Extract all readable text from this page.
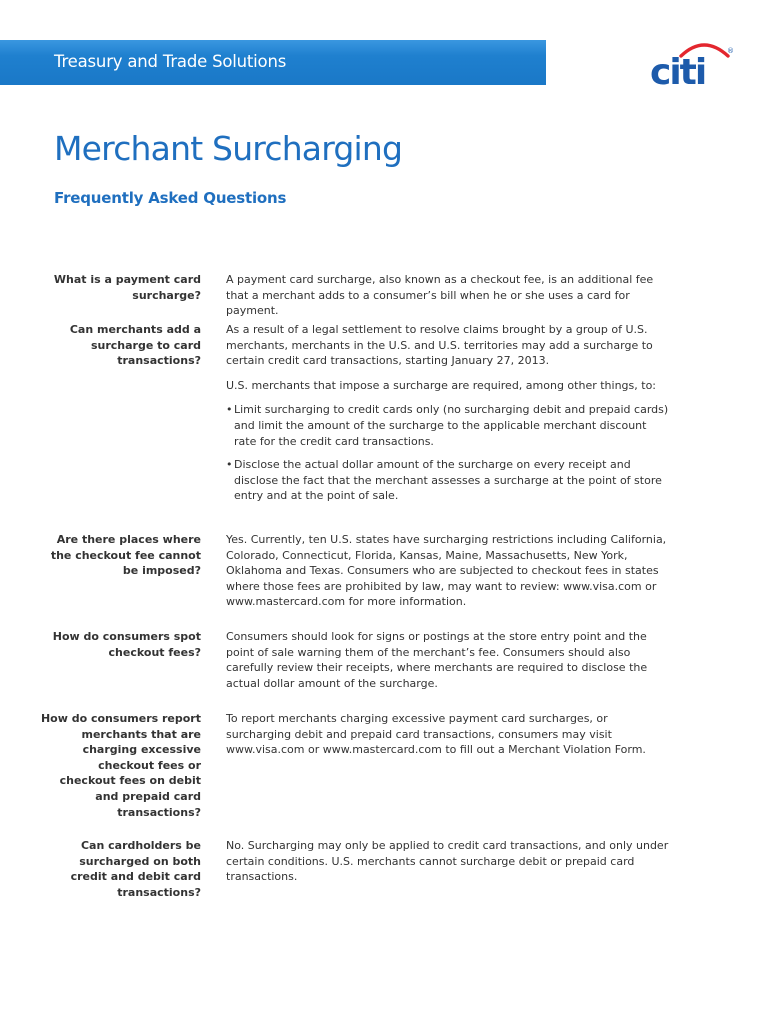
Treasury and Trade Solutions	citi
®
Merchant Surcharging
Frequently Asked Questions
What is a payment card surcharge?

A payment card surcharge, also known as a checkout fee, is an additional fee that a merchant adds to a consumer’s bill when he or she uses a card for payment.

Can merchants add a surcharge to card transactions?

As a result of a legal settlement to resolve claims brought by a group of U.S. merchants, merchants in the U.S. and U.S. territories may add a surcharge to certain credit card transactions, starting January 27, 2013.

U.S. merchants that impose a surcharge are required, among other things, to:

• Limit surcharging to credit cards only (no surcharging debit and prepaid cards) and limit the amount of the surcharge to the applicable merchant discount rate for the credit card transactions.
• Disclose the actual dollar amount of the surcharge on every receipt and disclose the fact that the merchant assesses a surcharge at the point of store entry and at the point of sale.
Are there places where the checkout fee cannot be imposed?

Yes. Currently, ten U.S. states have surcharging restrictions including California, Colorado, Connecticut, Florida, Kansas, Maine, Massachusetts, New York, Oklahoma and Texas. Consumers who are subjected to checkout fees in states where those fees are prohibited by law, may want to review: www.visa.com or www.mastercard.com for more information.

How do consumers spot checkout fees?

Consumers should look for signs or postings at the store entry point and the point of sale warning them of the merchant’s fee. Consumers should also carefully review their receipts, where merchants are required to disclose the actual dollar amount of the surcharge.

How do consumers report merchants that are charging excessive checkout fees or checkout fees on debit and prepaid card transactions?

To report merchants charging excessive payment card surcharges, or surcharging debit and prepaid card transactions, consumers may visit www.visa.com or www.mastercard.com to fill out a Merchant Violation Form.

Can cardholders be surcharged on both credit and debit card transactions?

No. Surcharging may only be applied to credit card transactions, and only under certain conditions. U.S. merchants cannot surcharge debit or prepaid card transactions.
